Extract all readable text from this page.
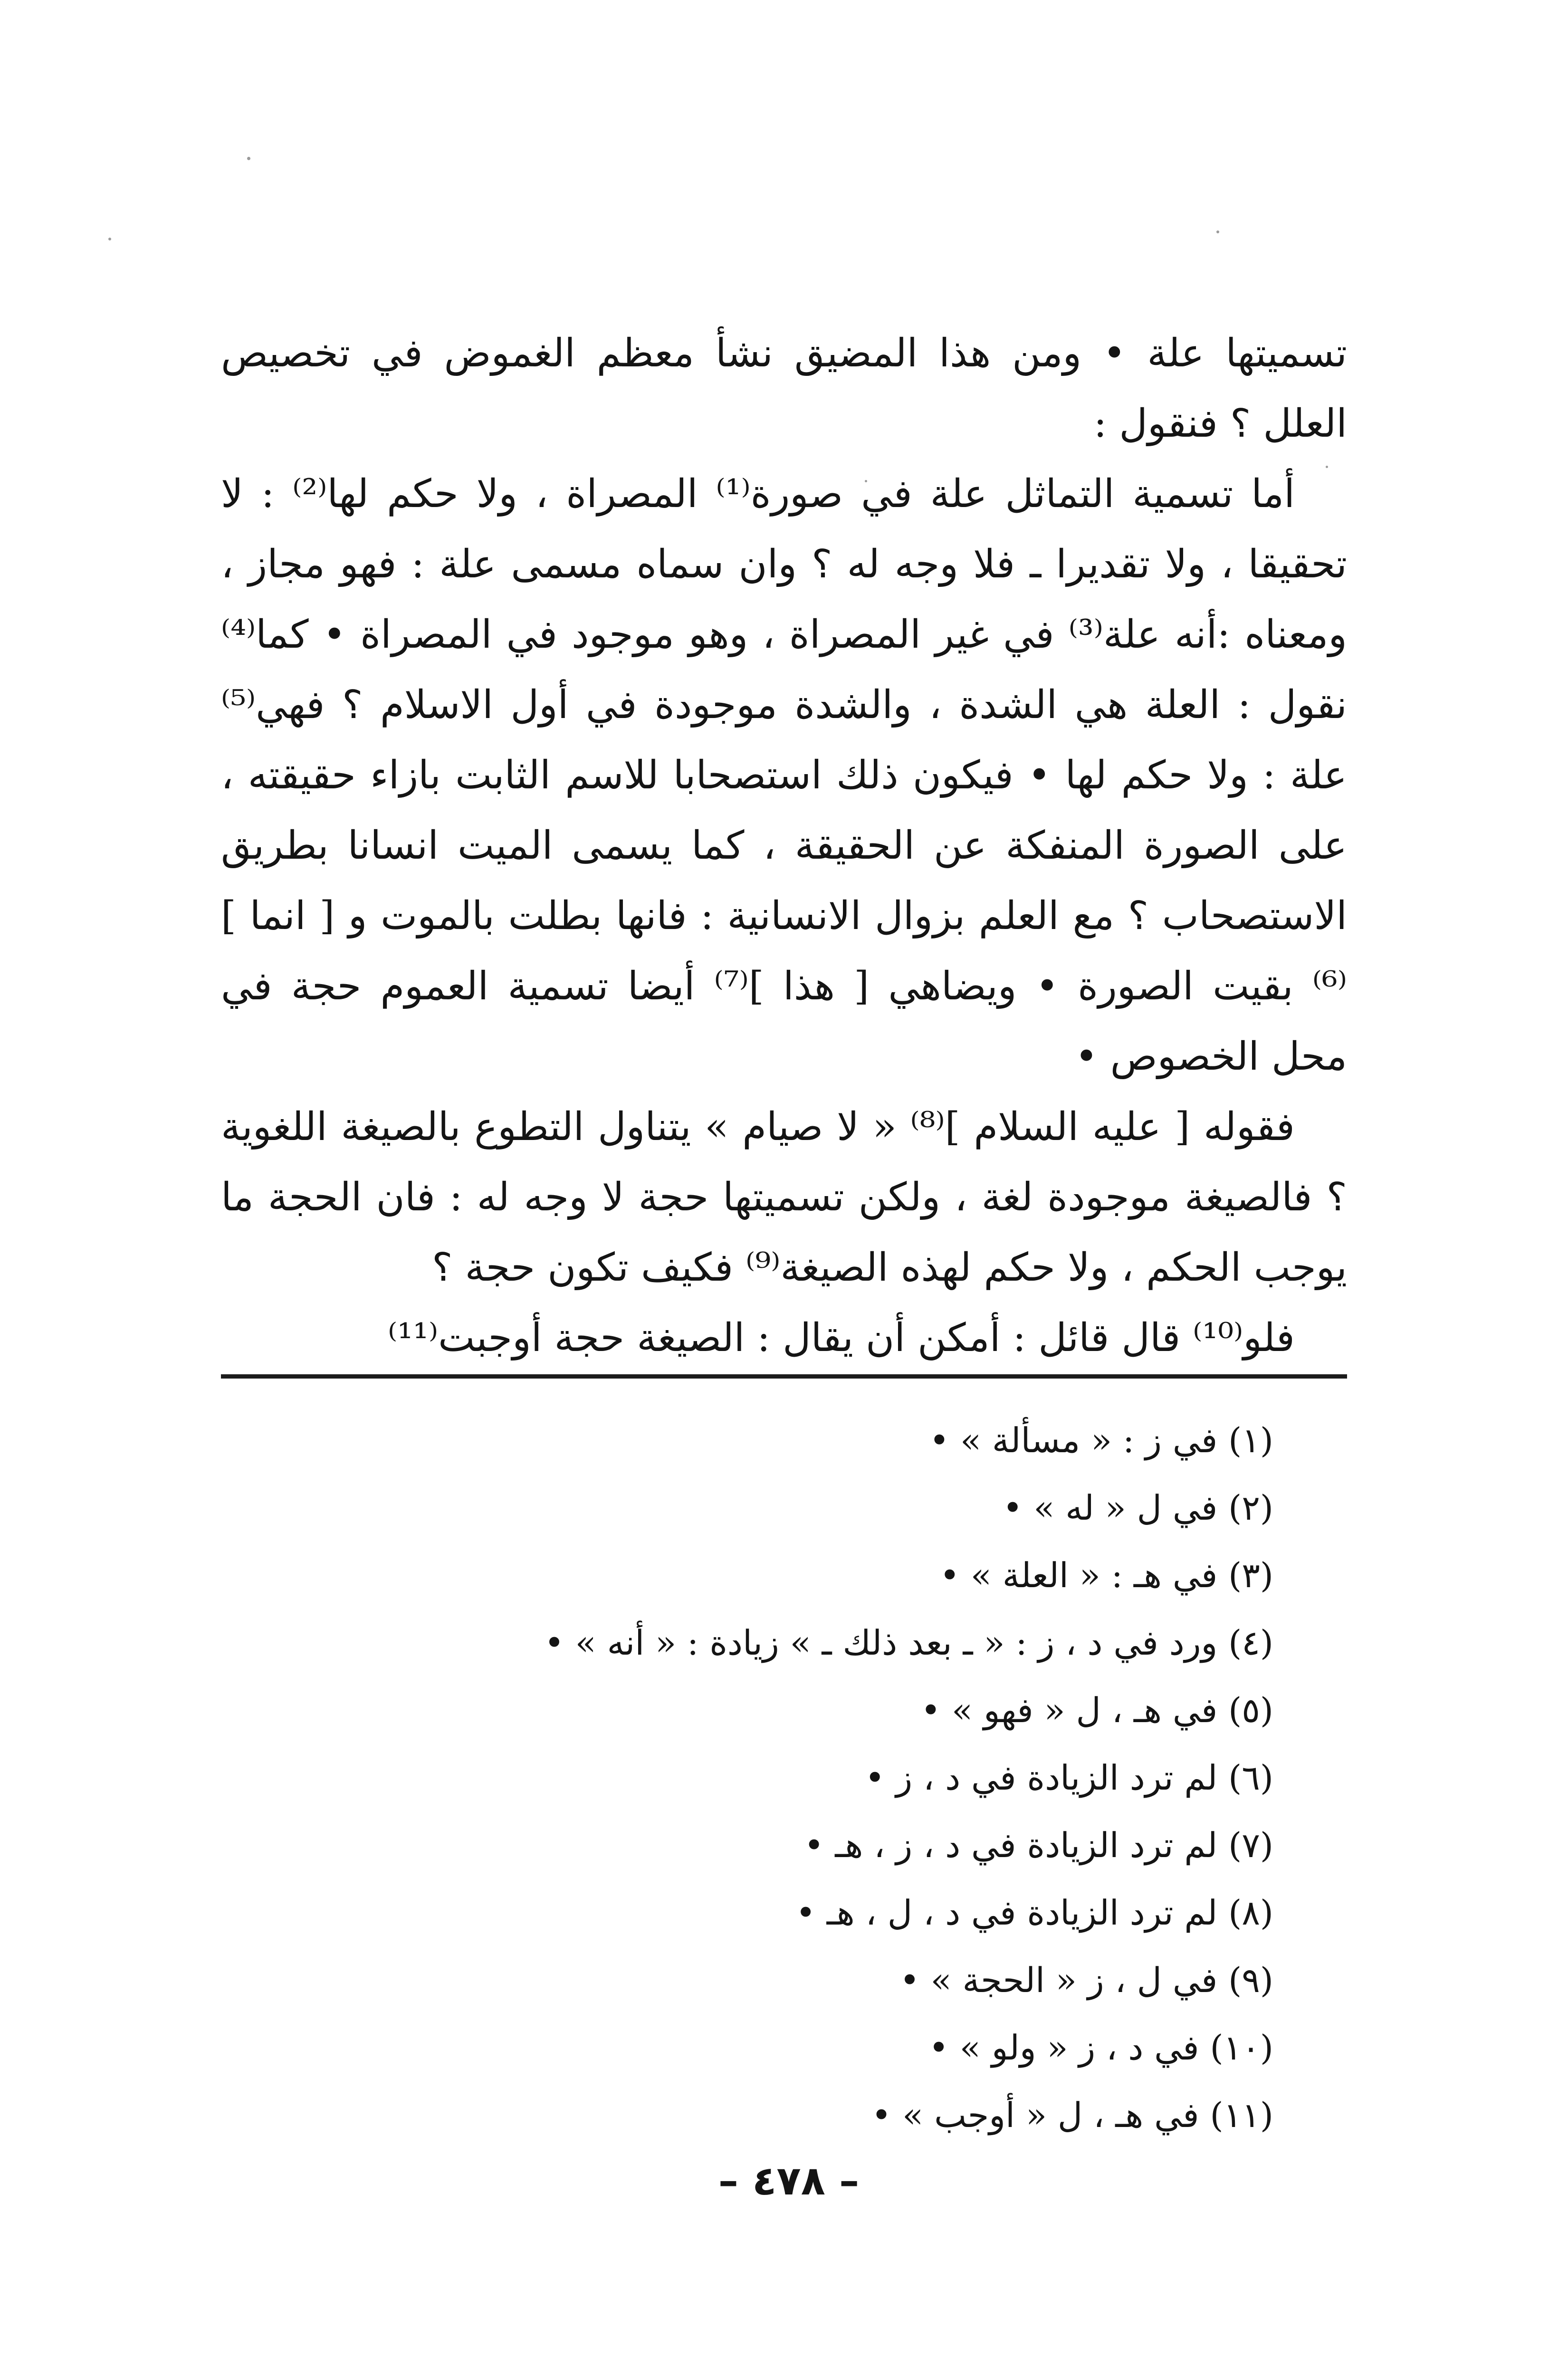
تسميتها علة • ومن هذا المضيق نشأ معظم الغموض في تخصيص العلل ؟ فنقول :

أما تسمية التماثل علة في صورة⁽¹⁾ المصراة ، ولا حكم لها⁽²⁾ : لا تحقيقا ، ولا تقديرا ـ فلا وجه له ؟ وان سماه مسمى علة : فهو مجاز ، ومعناه :أنه علة⁽³⁾ في غير المصراة ، وهو موجود في المصراة • كما⁽⁴⁾ نقول : العلة هي الشدة ، والشدة موجودة في أول الاسلام ؟ فهي⁽⁵⁾ علة : ولا حكم لها • فيكون ذلك استصحابا للاسم الثابت بازاء حقيقته ، على الصورة المنفكة عن الحقيقة ، كما يسمى الميت انسانا بطريق الاستصحاب ؟ مع العلم بزوال الانسانية : فانها بطلت بالموت و [ انما ]⁽⁶⁾ بقيت الصورة • ويضاهي [ هذا ]⁽⁷⁾ أيضا تسمية العموم حجة في محل الخصوص •

فقوله [ عليه السلام ]⁽⁸⁾ « لا صيام » يتناول التطوع بالصيغة اللغوية ؟ فالصيغة موجودة لغة ، ولكن تسميتها حجة لا وجه له : فان الحجة ما يوجب الحكم ، ولا حكم لهذه الصيغة⁽⁹⁾ فكيف تكون حجة ؟

فلو⁽¹⁰⁾ قال قائل : أمكن أن يقال : الصيغة حجة أوجبت⁽¹¹⁾

(١) في ز : « مسألة » •
(٢) في ل « له » •
(٣) في هـ : « العلة » •
(٤) ورد في د ، ز : « ـ بعد ذلك ـ » زيادة : « أنه » •
(٥) في هـ ، ل « فهو » •
(٦) لم ترد الزيادة في د ، ز •
(٧) لم ترد الزيادة في د ، ز ، هـ •
(٨) لم ترد الزيادة في د ، ل ، هـ •
(٩) في ل ، ز « الحجة » •
(١٠) في د ، ز « ولو » •
(١١) في هـ ، ل « أوجب » •
– ٤٧٨ –
